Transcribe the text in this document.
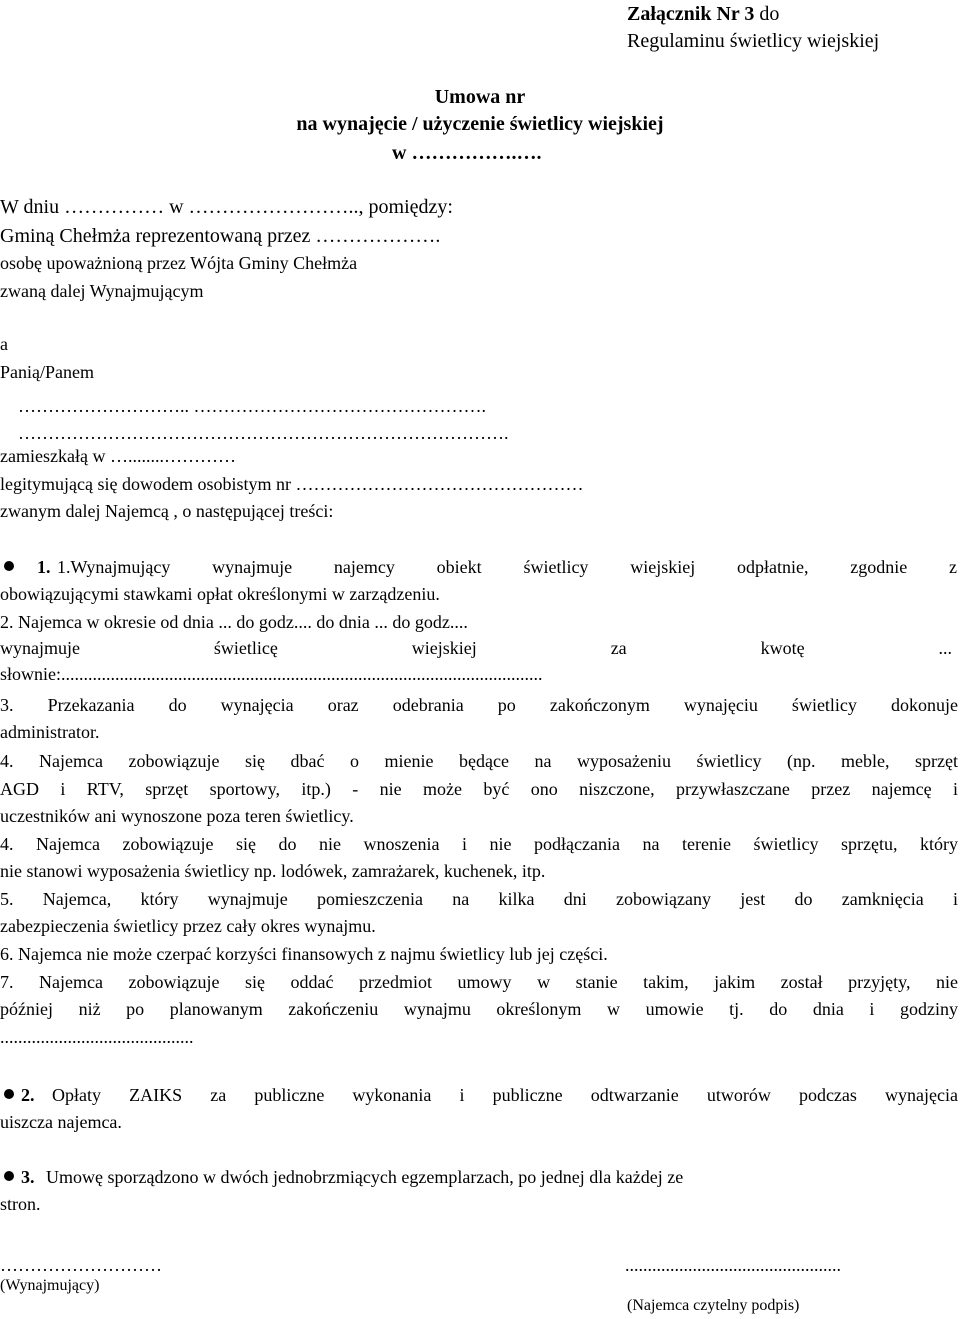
Załącznik Nr 3 do
Regulaminu świetlicy wiejskiej
Umowa nr
na wynajęcie / użyczenie świetlicy wiejskiej
w …………….….
W dniu …………… w …………………….., pomiędzy:
Gminą Chełmża reprezentowaną przez ……………….
osobę upoważnioną przez Wójta Gminy Chełmża
zwaną dalej Wynajmującym
a
Panią/Panem
……………………….. ………………………………………….
……………………………………………………………………….
zamieszkałą w …........…………
legitymującą się dowodem osobistym nr …………………………………………
zwanym dalej Najemcą , o następującej treści:
1. 1.Wynajmujący wynajmuje najemcy obiekt świetlicy wiejskiej odpłatnie, zgodnie z
obowiązującymi stawkami opłat określonymi w zarządzeniu.
2. Najemca w okresie od dnia ... do godz.... do dnia ... do godz....
wynajmuje świetlicę wiejskiej za kwotę ...
słownie:...........................................................................................................
3. Przekazania do wynajęcia oraz odebrania po zakończonym wynajęciu świetlicy dokonuje
administrator.
4. Najemca zobowiązuje się dbać o mienie będące na wyposażeniu świetlicy (np. meble, sprzęt
AGD i RTV, sprzęt sportowy, itp.) - nie może być ono niszczone, przywłaszczane przez najemcę i
uczestników ani wynoszone poza teren świetlicy.
4. Najemca zobowiązuje się do nie wnoszenia i nie podłączania na terenie świetlicy sprzętu, który
nie stanowi wyposażenia świetlicy np. lodówek, zamrażarek, kuchenek, itp.
5. Najemca, który wynajmuje pomieszczenia na kilka dni zobowiązany jest do zamknięcia i
zabezpieczenia świetlicy przez cały okres wynajmu.
6. Najemca nie może czerpać korzyści finansowych z najmu świetlicy lub jej części.
7. Najemca zobowiązuje się oddać przedmiot umowy w stanie takim, jakim został przyjęty, nie
później niż po planowanym zakończeniu wynajmu określonym w umowie tj. do dnia i godziny
...........................................
2. Opłaty ZAIKS za publiczne wykonania i publiczne odtwarzanie utworów podczas wynajęcia
uiszcza najemca.
3. Umowę sporządzono w dwóch jednobrzmiących egzemplarzach, po jednej dla każdej ze
stron.
………………………
(Wynajmujący)
................................................
(Najemca czytelny podpis)
